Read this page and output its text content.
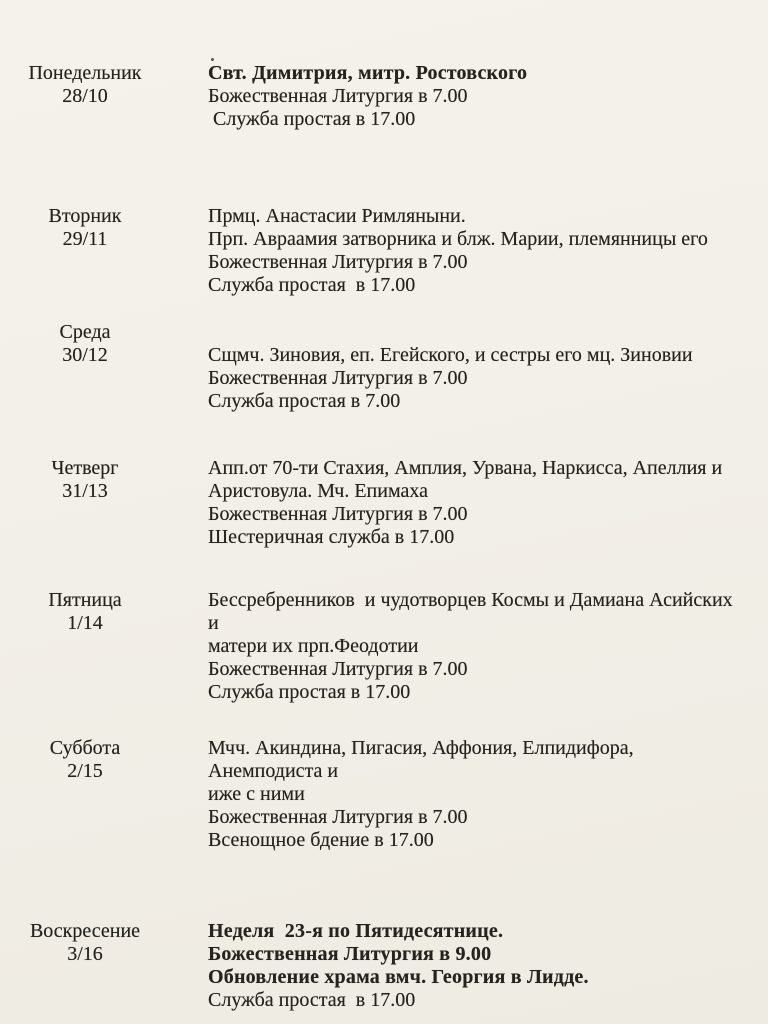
Понедельник
28/10
Свт. Димитрия, митр. Ростовского
Божественная Литургия в 7.00
Служба простая в 17.00
Вторник
29/11
Прмц. Анастасии Римляныни.
Прп. Авраамия затворника и блж. Марии, племянницы его
Божественная Литургия в 7.00
Служба простая  в 17.00
Среда
30/12	Сщмч. Зиновия, еп. Егейского, и сестры его мц. Зиновии
Божественная Литургия в 7.00
Служба простая в 7.00
Четверг
31/13
Апп.от 70-ти Стахия, Амплия, Урвана, Наркисса, Апеллия и
Аристовула. Мч. Епимаха
Божественная Литургия в 7.00
Шестеричная служба в 17.00
Пятница
1/14
Бессребренников  и чудотворцев Космы и Дамиана Асийских и
матери их прп.Феодотии
Божественная Литургия в 7.00
Служба простая в 17.00
Суббота
2/15
Мчч. Акиндина, Пигасия, Аффония, Елпидифора, Анемподиста и
иже с ними
Божественная Литургия в 7.00
Всенощное бдение в 17.00
Воскресение
3/16
Неделя  23-я по Пятидесятнице.
Божественная Литургия в 9.00
Обновление храма вмч. Георгия в Лидде.
Служба простая  в 17.00
